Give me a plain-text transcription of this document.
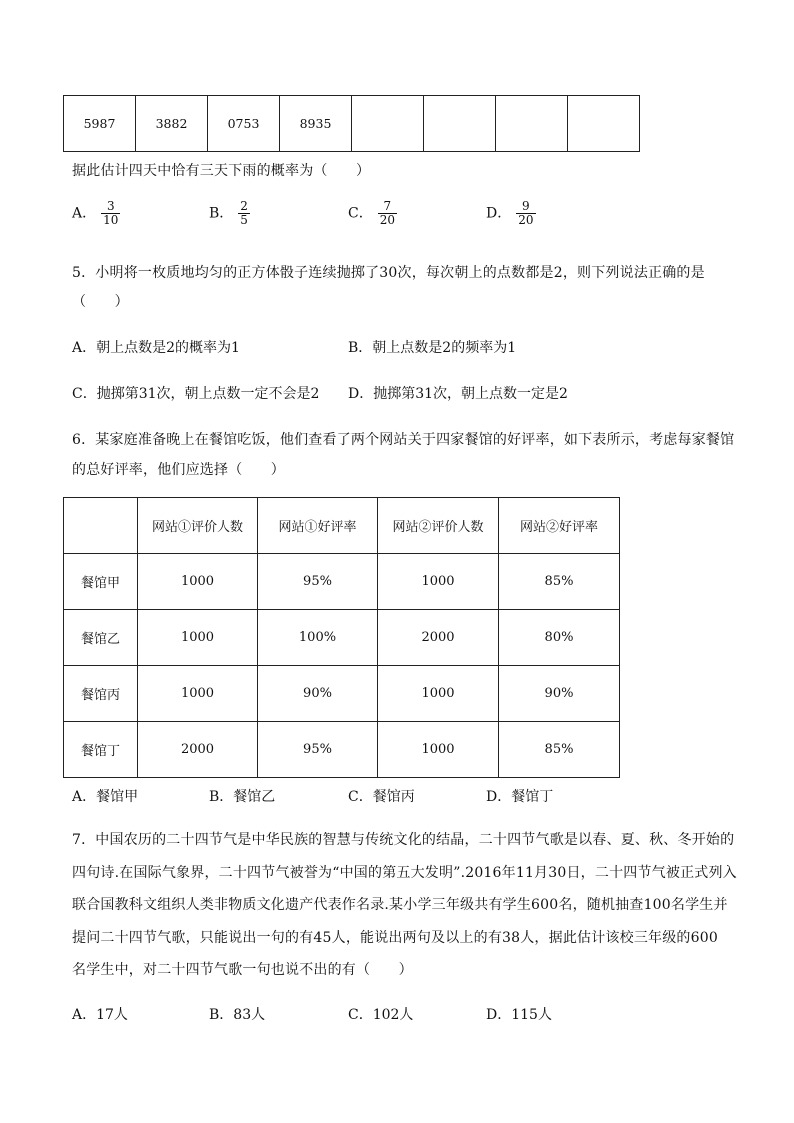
5987	3882	0753	8935				
据此估计四天中恰有三天下雨的概率为（　　）
A． $\frac{3}{10}$	B． $\frac{2}{5}$	C． $\frac{7}{20}$	D． $\frac{9}{20}$
5．小明将一枚质地均匀的正方体骰子连续抛掷了30次，每次朝上的点数都是2，则下列说法正确的是
（　　）
A．朝上点数是2的概率为1	B．朝上点数是2的频率为1
C．抛掷第31次，朝上点数一定不会是2 D．抛掷第31次，朝上点数一定是2
6．某家庭准备晚上在餐馆吃饭，他们查看了两个网站关于四家餐馆的好评率，如下表所示，考虑每家餐馆
的总好评率，他们应选择（　　）
	网站①评价人数	网站①好评率	网站②评价人数	网站②好评率
餐馆甲	1000	95%	1000	85%
餐馆乙	1000	100%	2000	80%
餐馆丙	1000	90%	1000	90%
餐馆丁	2000	95%	1000	85%
A．餐馆甲	B．餐馆乙	C．餐馆丙	D．餐馆丁
7．中国农历的二十四节气是中华民族的智慧与传统文化的结晶，二十四节气歌是以春、夏、秋、冬开始的
四句诗.在国际气象界，二十四节气被誉为“中国的第五大发明”.2016年11月30日，二十四节气被正式列入
联合国教科文组织人类非物质文化遗产代表作名录.某小学三年级共有学生600名，随机抽查100名学生并
提问二十四节气歌，只能说出一句的有45人，能说出两句及以上的有38人，据此估计该校三年级的600
名学生中，对二十四节气歌一句也说不出的有（　　）
A．17人	B．83人	C．102人	D．115人
